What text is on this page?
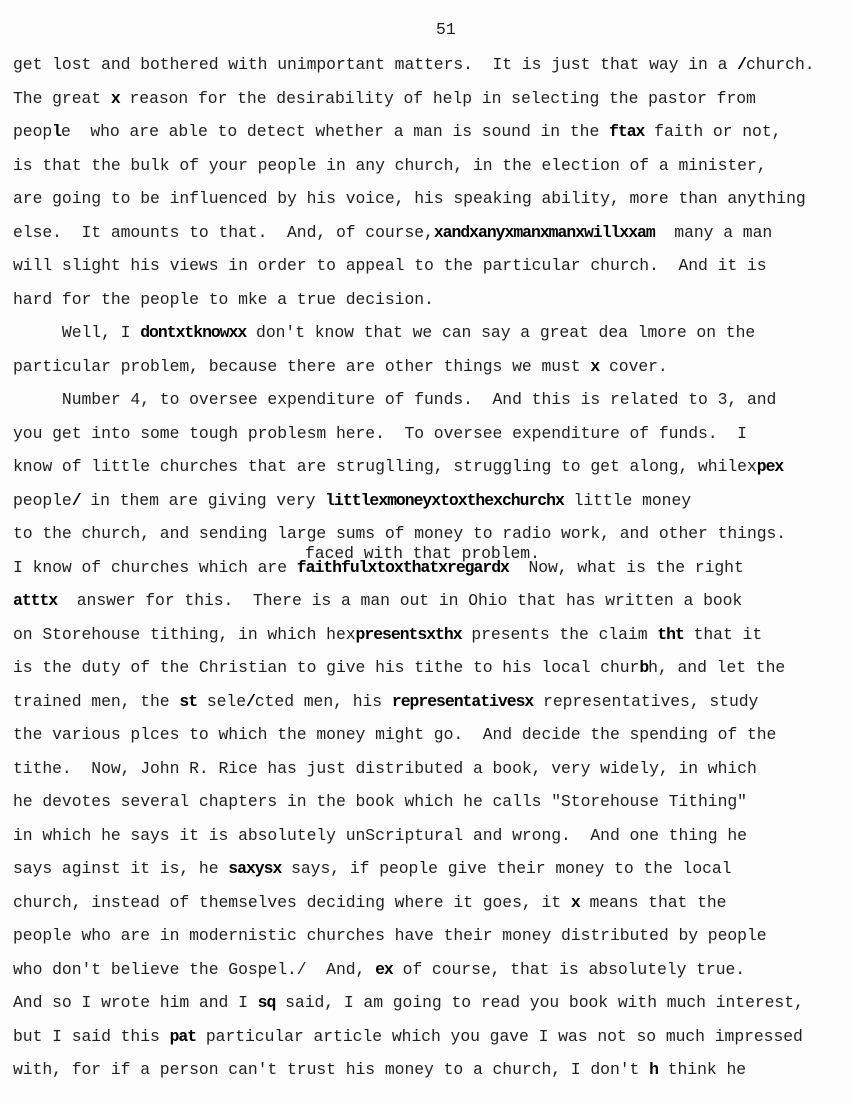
51
faced with that problem.
get lost and bothered with unimportant matters.  It is just that way in a /church.
The great x reason for the desirability of help in selecting the pastor from
people  who are able to detect whether a man is sound in the ftax faith or not,
is that the bulk of your people in any church, in the election of a minister,
are going to be influenced by his voice, his speaking ability, more than anything
else.  It amounts to that.  And, of course,xandxanyxmanxmanxwillxxam  many a man
will slight his views in order to appeal to the particular church.  And it is
hard for the people to mke a true decision.
Well, I dontxtknowxx don't know that we can say a great dea lmore on the
particular problem, because there are other things we must x cover.
Number 4, to oversee expenditure of funds.  And this is related to 3, and
you get into some tough problesm here.  To oversee expenditure of funds.  I
know of little churches that are struglling, struggling to get along, whilexpex
people/ in them are giving very littlexmoneyxtoxthexchurchx little money
to the church, and sending large sums of money to radio work, and other things.
I know of churches which are faithfulxtoxthatxregardx  Now, what is the right
atttx  answer for this.  There is a man out in Ohio that has written a book
on Storehouse tithing, in which hexpresentsxthx presents the claim tht that it
is the duty of the Christian to give his tithe to his local churbh, and let the
trained men, the st sele/cted men, his representativesx representatives, study
the various plces to which the money might go.  And decide the spending of the
tithe.  Now, John R. Rice has just distributed a book, very widely, in which
he devotes several chapters in the book which he calls "Storehouse Tithing"
in which he says it is absolutely unScriptural and wrong.  And one thing he
says aginst it is, he saxysx says, if people give their money to the local
church, instead of themselves deciding where it goes, it x means that the
people who are in modernistic churches have their money distributed by people
who don't believe the Gospel./  And, ex of course, that is absolutely true.
And so I wrote him and I sq said, I am going to read you book with much interest,
but I said this pat particular article which you gave I was not so much impressed
with, for if a person can't trust his money to a church, I don't h think he
